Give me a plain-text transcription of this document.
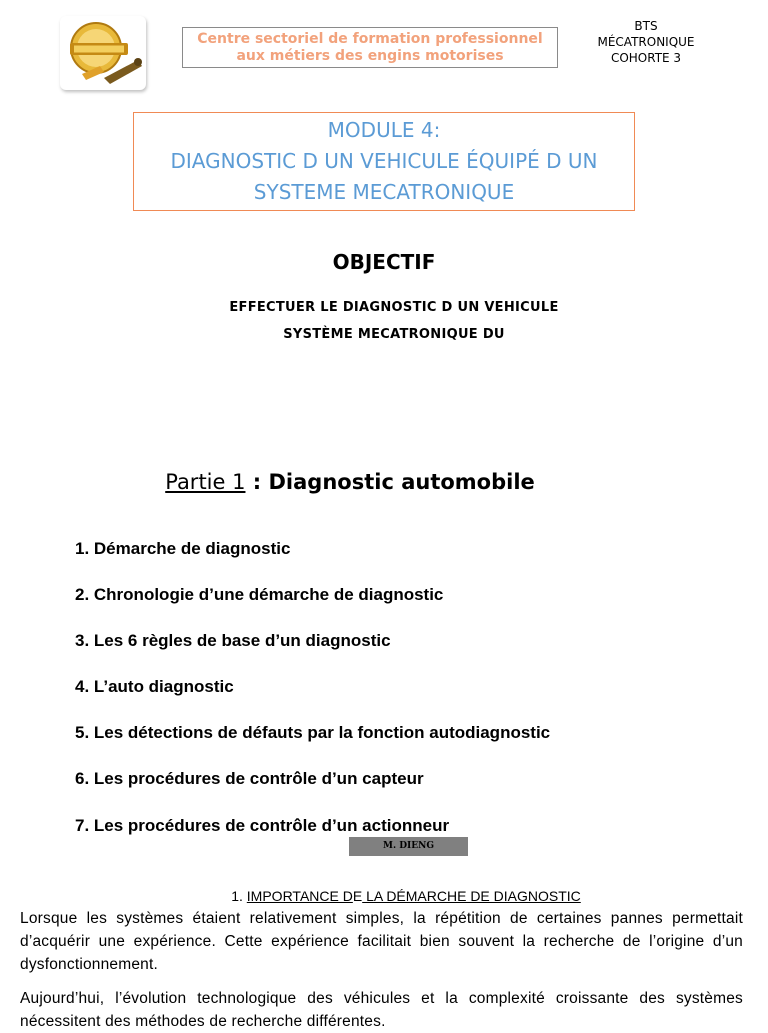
Centre sectoriel de formation professionnel
aux métiers des engins motorises
BTS
MÉCATRONIQUE
COHORTE 3
MODULE 4:
DIAGNOSTIC D UN VEHICULE ÉQUIPÉ D UN
SYSTEME MECATRONIQUE
OBJECTIF
EFFECTUER LE DIAGNOSTIC D UN VEHICULE
SYSTÈME MECATRONIQUE DU
Partie 1 : Diagnostic automobile
1. Démarche de diagnostic
2. Chronologie d’une démarche de diagnostic
3. Les 6 règles de base d’un diagnostic
4. L’auto diagnostic
5. Les détections de défauts par la fonction autodiagnostic
6. Les procédures de contrôle d’un capteur
7. Les procédures de contrôle d’un actionneur
M. DIENG
1. IMPORTANCE DE LA DÉMARCHE DE DIAGNOSTIC

Lorsque les systèmes étaient relativement simples, la répétition de certaines pannes permettait d’acquérir une expérience. Cette expérience facilitait bien souvent la recherche de l’origine d’un dysfonctionnement.

Aujourd’hui, l’évolution technologique des véhicules et la complexité croissante des systèmes nécessitent des méthodes de recherche différentes.
